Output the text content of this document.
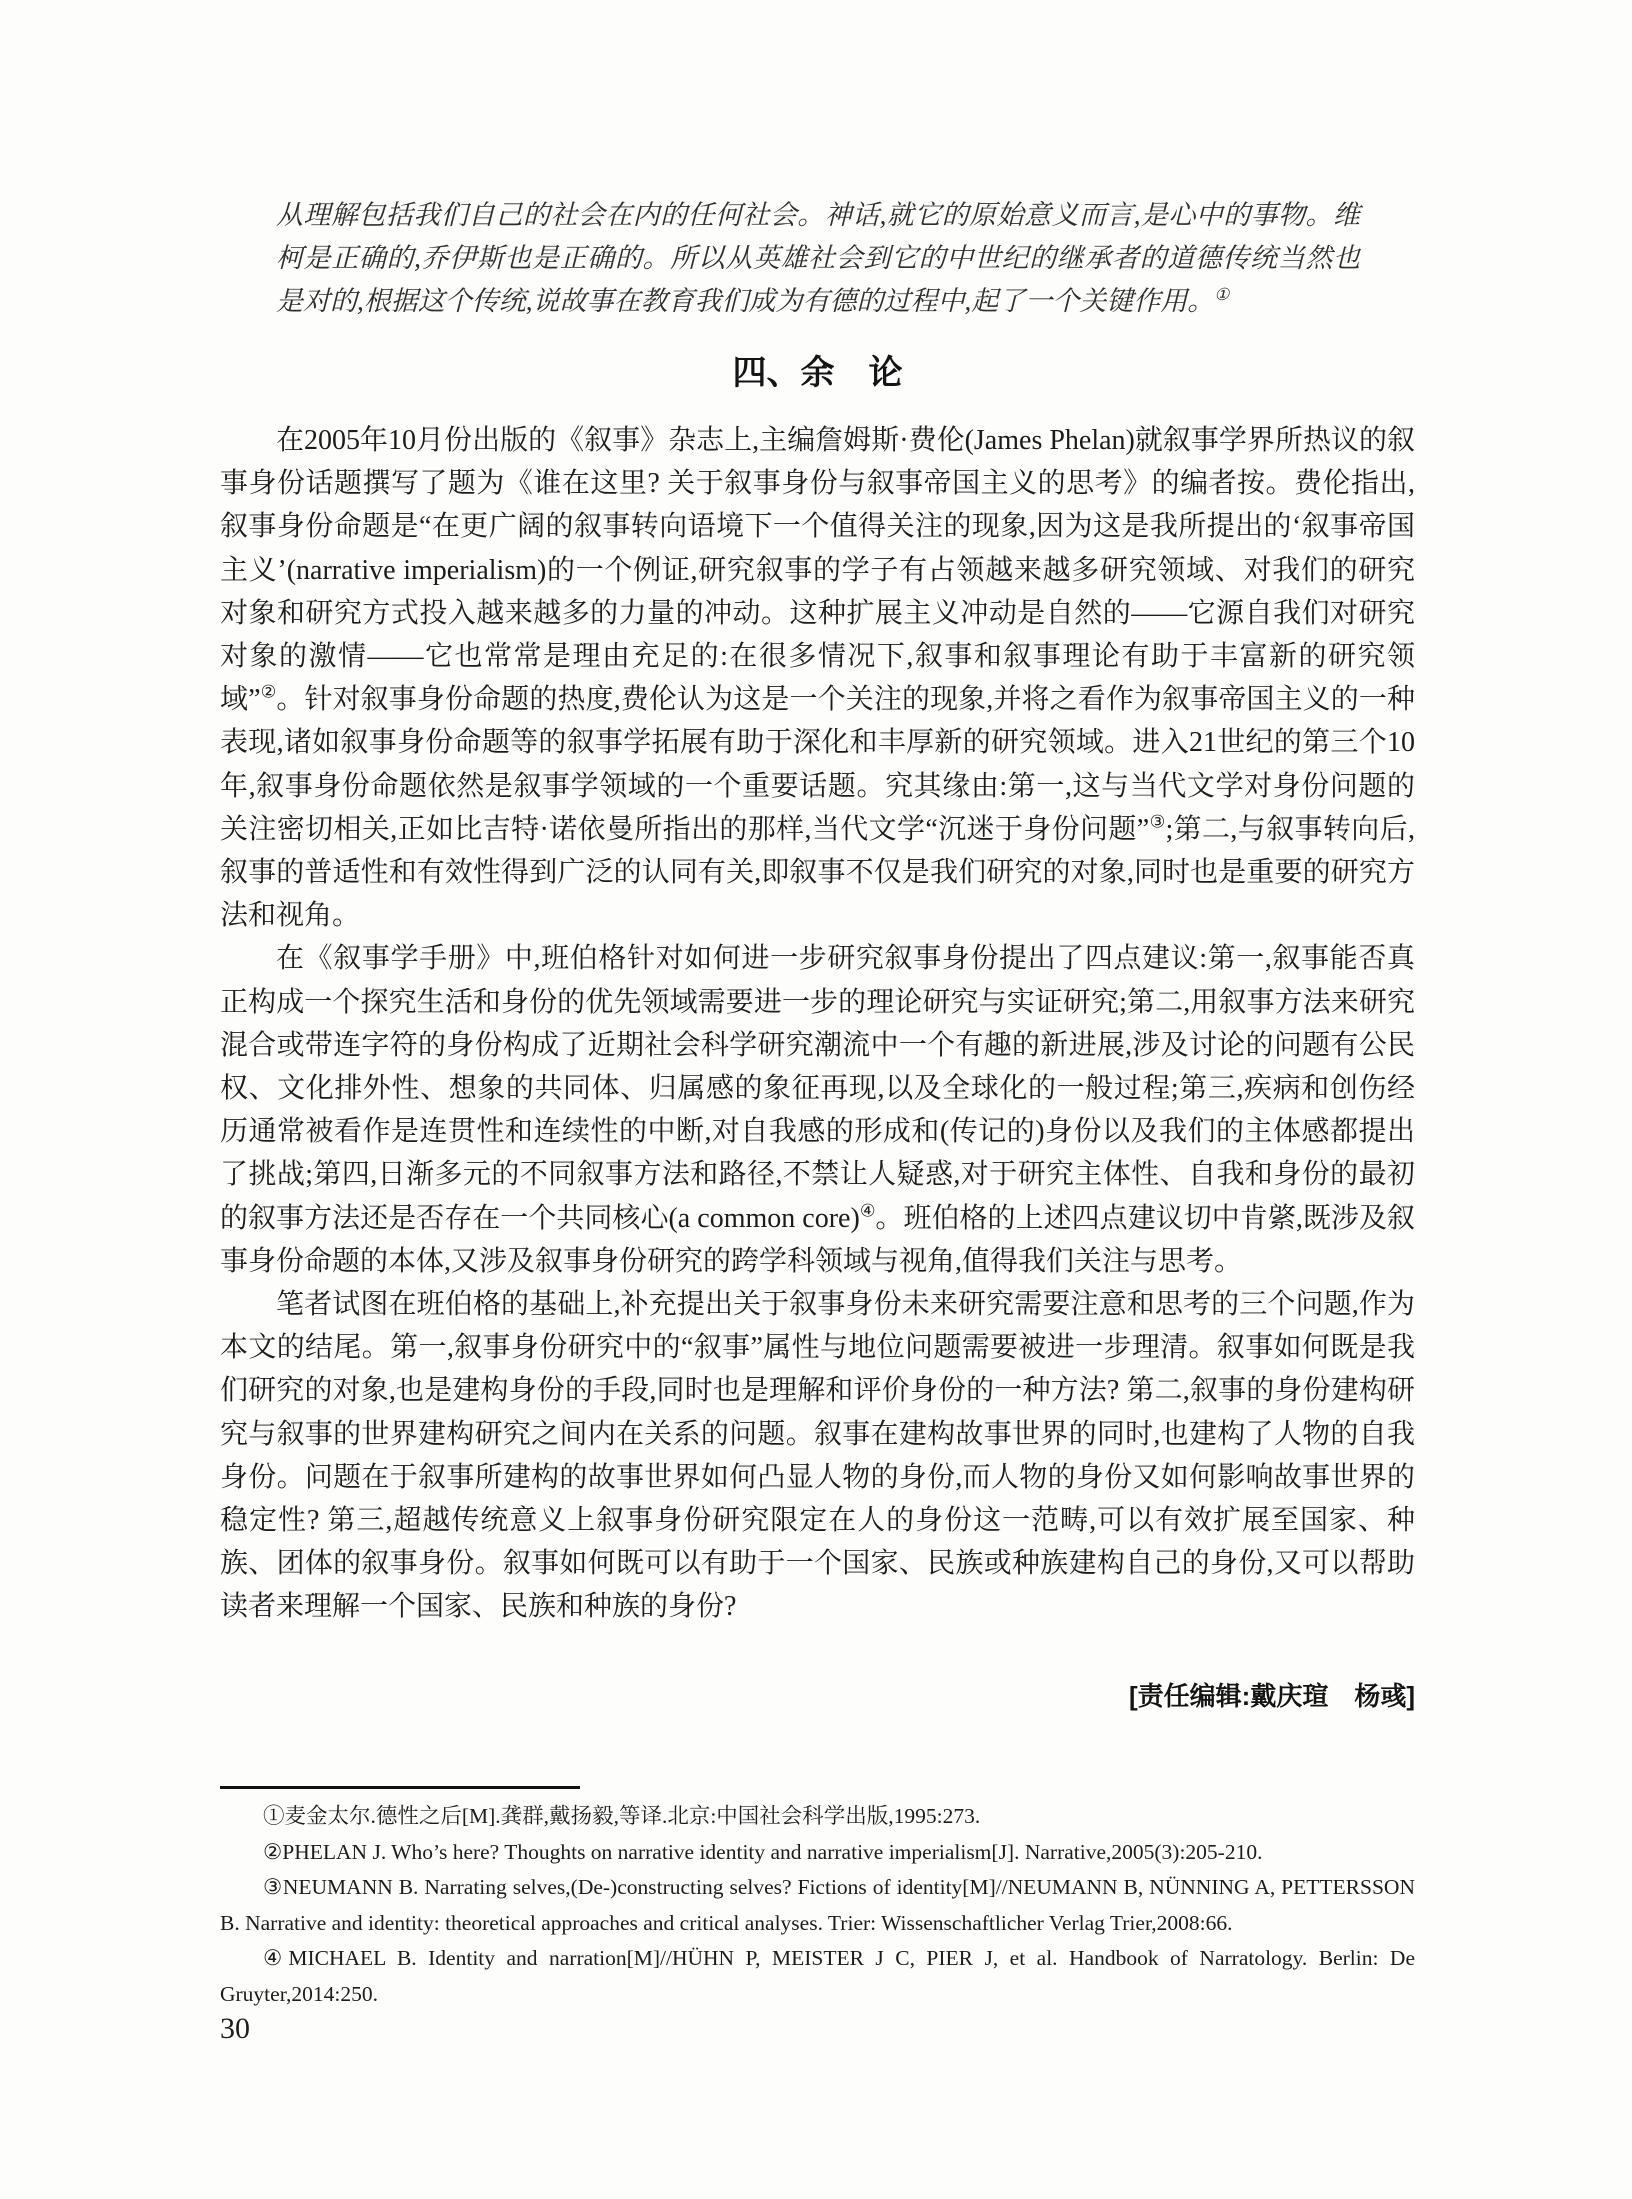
从理解包括我们自己的社会在内的任何社会。神话,就它的原始意义而言,是心中的事物。维柯是正确的,乔伊斯也是正确的。所以从英雄社会到它的中世纪的继承者的道德传统当然也是对的,根据这个传统,说故事在教育我们成为有德的过程中,起了一个关键作用。①
四、余　论

在2005年10月份出版的《叙事》杂志上,主编詹姆斯·费伦(James Phelan)就叙事学界所热议的叙事身份话题撰写了题为《谁在这里? 关于叙事身份与叙事帝国主义的思考》的编者按。费伦指出,叙事身份命题是“在更广阔的叙事转向语境下一个值得关注的现象,因为这是我所提出的‘叙事帝国主义’(narrative imperialism)的一个例证,研究叙事的学子有占领越来越多研究领域、对我们的研究对象和研究方式投入越来越多的力量的冲动。这种扩展主义冲动是自然的——它源自我们对研究对象的激情——它也常常是理由充足的:在很多情况下,叙事和叙事理论有助于丰富新的研究领域”②。针对叙事身份命题的热度,费伦认为这是一个关注的现象,并将之看作为叙事帝国主义的一种表现,诸如叙事身份命题等的叙事学拓展有助于深化和丰厚新的研究领域。进入21世纪的第三个10年,叙事身份命题依然是叙事学领域的一个重要话题。究其缘由:第一,这与当代文学对身份问题的关注密切相关,正如比吉特·诺依曼所指出的那样,当代文学“沉迷于身份问题”③;第二,与叙事转向后,叙事的普适性和有效性得到广泛的认同有关,即叙事不仅是我们研究的对象,同时也是重要的研究方法和视角。

在《叙事学手册》中,班伯格针对如何进一步研究叙事身份提出了四点建议:第一,叙事能否真正构成一个探究生活和身份的优先领域需要进一步的理论研究与实证研究;第二,用叙事方法来研究混合或带连字符的身份构成了近期社会科学研究潮流中一个有趣的新进展,涉及讨论的问题有公民权、文化排外性、想象的共同体、归属感的象征再现,以及全球化的一般过程;第三,疾病和创伤经历通常被看作是连贯性和连续性的中断,对自我感的形成和(传记的)身份以及我们的主体感都提出了挑战;第四,日渐多元的不同叙事方法和路径,不禁让人疑惑,对于研究主体性、自我和身份的最初的叙事方法还是否存在一个共同核心(a common core)④。班伯格的上述四点建议切中肯綮,既涉及叙事身份命题的本体,又涉及叙事身份研究的跨学科领域与视角,值得我们关注与思考。

笔者试图在班伯格的基础上,补充提出关于叙事身份未来研究需要注意和思考的三个问题,作为本文的结尾。第一,叙事身份研究中的“叙事”属性与地位问题需要被进一步理清。叙事如何既是我们研究的对象,也是建构身份的手段,同时也是理解和评价身份的一种方法? 第二,叙事的身份建构研究与叙事的世界建构研究之间内在关系的问题。叙事在建构故事世界的同时,也建构了人物的自我身份。问题在于叙事所建构的故事世界如何凸显人物的身份,而人物的身份又如何影响故事世界的稳定性? 第三,超越传统意义上叙事身份研究限定在人的身份这一范畴,可以有效扩展至国家、种族、团体的叙事身份。叙事如何既可以有助于一个国家、民族或种族建构自己的身份,又可以帮助读者来理解一个国家、民族和种族的身份?

[责任编辑:戴庆瑄　杨彧]

①麦金太尔.德性之后[M].龚群,戴扬毅,等译.北京:中国社会科学出版,1995:273.

②PHELAN J. Who’s here? Thoughts on narrative identity and narrative imperialism[J]. Narrative,2005(3):205-210.

③NEUMANN B. Narrating selves,(De-)constructing selves? Fictions of identity[M]//NEUMANN B, NÜNNING A, PETTERSSON B. Narrative and identity: theoretical approaches and critical analyses. Trier: Wissenschaftlicher Verlag Trier,2008:66.

④MICHAEL B. Identity and narration[M]//HÜHN P, MEISTER J C, PIER J, et al. Handbook of Narratology. Berlin: De Gruyter,2014:250.

30
